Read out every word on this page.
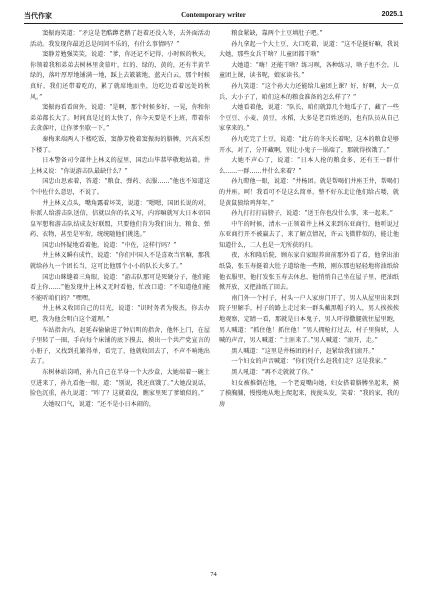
当代作家	Contemporary writer	2025.1

窦振海笑道：“矛这是老酷蹲老鹅了赶着还没入冬，去外面活动活动。我发现你最近总是问问不乐的，有什么事情吗？”

窦静芳勉强笑笑，说道：“爹，你还记不记得，小时候的秋天，你领着我和弟弟去树林里贪慕叶，红的、绿的、黄的，还有半黄半绿的，落叶厚厚地铺满一地，踩上去簌簌地，蓝天白云，那个时候真好。我们还带着吃的，累了就席地而坐，边吃边看着远处的秋风。”

窦振海看看窗外，说道：“是啊，那个时候多好，一晃，你和你弟弟都长大了。时间真是过的太快了，你今天要是不上班，带着你去贪落叶，让你爹坐歇一下。”

秦梅来端两人下楼吃饭，窦静芳挽着窦振海的胳膊，兴高采烈下楼了。

日本警备司令部井上林义的屋里，国忠山毕恭毕敬地站着。井上林义说：“你说游击队最缺什么？”

国忠山思索着，答道：“粮食、弹药、衣服……”他也不知道这个中佐什么意思，不说了。

井上林义点头，嘴角露着坏笑，说道：“嗯嗯，国团长说的对，你派人给游击队送信，信就以你的名义写，内容嘛就写大日本帝国皇军想和游击队结成友好联盟，只要他们肯为我们出力，粮食、弹药、衣物，甚至是军衔，统统随他们挑选。”

国忠山怀疑地看着他，说道：“中佐，这样行吗？”

井上林义瞬有成竹，说道：“你们中国人不是喜欢当官嘛，那我就给孙九一个团长当，这可比他那个小小的队长大多了。”

国忠山眯缝着三角眼，说道：“游击队那可是死硬分子，他们能看上你……”他发现井上林义无时看他，忙改口道：“不知道他们能不能听咱们的？”嘿嘿。

井上林义收回自己的目光，说道：“识时务者为俊杰，你去办吧，我为他会明白这个道理。”

车站指舍内，赵延春偷偷进了钟启明的指舍，他怀上门，在屋子里转了一圈，手向每个床铺的底下摸去，摸出一个共产党宣言的小册子，又找到孔繁得单，看完了，他就收回去了，不声不响地出去了。

东树林站岗哨，孙九自己在半身一个大沙盒，大她端着一碗土豆进来了，孙九看他一眼，道：“别说，我还真饿了。”大她没说话，脸色沉重，孙九说道：“咋了？这就着没，瞧家里死了爹娘似的。”

大她叹口气，说道：“还不是小日本闹的，

粮食紧缺，靠两个土豆填肚子吧。”

孙九拿起一个大土豆，大口吃着，说道：“这不是挺好嘛，我说大她，那些女兵干啥？儿童团都干啥”

大她道：“嗨！还能干啥？练习呗，各种练习，啥子也不会。儿童团上课，读书呢，娘家读书。”

孙九笑道：“这个孙大力还能给儿童团上课？好，好啊，大一点兵，大小子了，咱们这本的粮食准备的怎么样了？”

大她看着他，说道：“队长，咱们就算几个地瓜子了，藏了一些个豆豆、小麦、黄豆，水稻，大多是老百姓送的，也有队员从自己家拿来的。”

孙九吃完了土豆，说道：“此方的冬天长着呢，这本的粮食是够开水，对了，分开藏啊，别让小鬼子一锅端了，那就得挨饿了。”

大她不声心了，说道：“日本人抢的粮食多，还有王一群什么……一群……井什么来着？”

孙九瞪他一眼，说道：“井杨团。就是帮喝们井座王井，帮喝们的井座。呵！我看可不是这么简单，整不好东北让他们给占喽，就是黄鼠狼给鸡拜年。”

孙九打打打肩膀子，说道：“送王你也没什么事，来一起来。”

中午的时候，清水一正领着井上林义来到东亚商行，他听说过东亚商行开不被赢去了，来了解点情况，许云飞微胖似的，能让他知道什么，二人也是一无所获的归。

夜，水和隆后院，顾东家自家眼养窗前那外看了看，他拿出油纸袋，张玉寿挺着大肚子道给他一些粮，刚东那也轻轻地将油纸给他衣服里，他打发张玉寿去休息，他悄悄自己坐在屋子里，把油纸掀开放，又把油纸了回去。

南门外一个村子，村头一户人家房门开了，男人从屋里出来到院子里解手，村子的路上走过来一群头戴黑帽子的人，男人挨挨挨地观察，定睛一看，那就是日本鬼子，男人吓得撒腿就往屋里跑，男人喊道：“抓住他！抓住他！”男人拥枪打过去，村子里狗吠，人喊的声音，男人喊道：“土匪来了。”男人喊道：“滚开，走。”

黑人喊道：“这里是井杨团的村子，赶紧给我们滚开。”

一个妇女的声音喊道：“你们凭什么赶我们走？这是我家。”

黑人吼道：“再不走就就了你。”

妇女被推倒在地，一个老夏嘴向她，妇女搭着胳膊坐起来，摸了摸胸脯，慢慢地从地上爬起来，拢拢头发，笑着：“我的家，我的房

74
